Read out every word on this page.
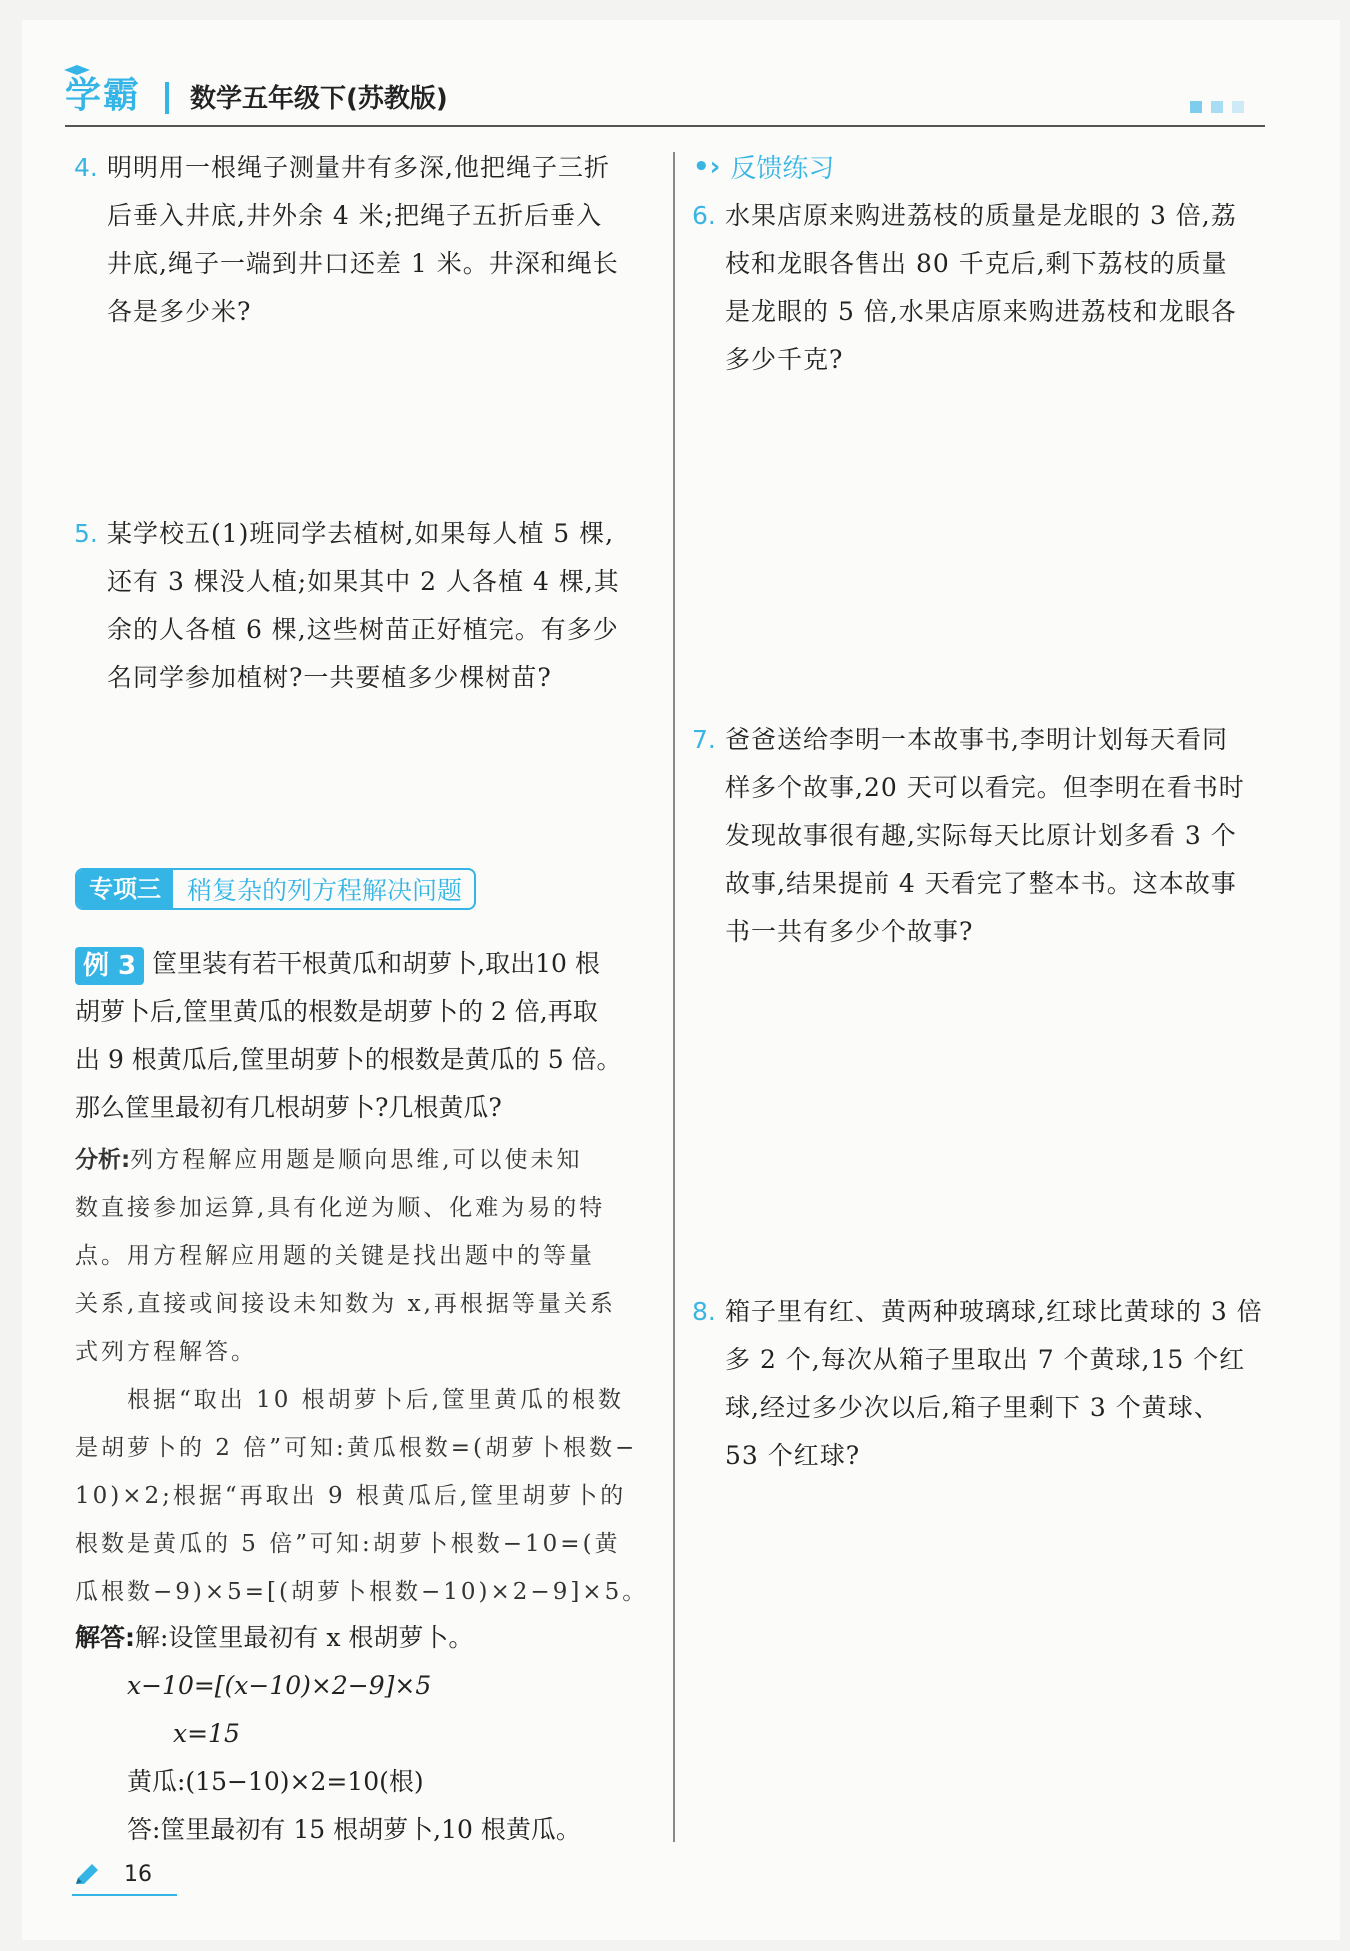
学霸	数学五年级下(苏教版)

4. 明明用一根绳子测量井有多深,他把绳子三折
后垂入井底,井外余 4 米;把绳子五折后垂入
井底,绳子一端到井口还差 1 米。井深和绳长
各是多少米?
5. 某学校五(1)班同学去植树,如果每人植 5 棵,
还有 3 棵没人植;如果其中 2 人各植 4 棵,其
余的人各植 6 棵,这些树苗正好植完。有多少
名同学参加植树?一共要植多少棵树苗?
专项三	稍复杂的列方程解决问题
例 3 筐里装有若干根黄瓜和胡萝卜,取出10 根
胡萝卜后,筐里黄瓜的根数是胡萝卜的 2 倍,再取
出 9 根黄瓜后,筐里胡萝卜的根数是黄瓜的 5 倍。
那么筐里最初有几根胡萝卜?几根黄瓜?
分析:列方程解应用题是顺向思维,可以使未知
数直接参加运算,具有化逆为顺、化难为易的特
点。用方程解应用题的关键是找出题中的等量
关系,直接或间接设未知数为 x,再根据等量关系
式列方程解答。
　　根据“取出 10 根胡萝卜后,筐里黄瓜的根数
是胡萝卜的 2 倍”可知:黄瓜根数=(胡萝卜根数−
10)×2;根据“再取出 9 根黄瓜后,筐里胡萝卜的
根数是黄瓜的 5 倍”可知:胡萝卜根数−10=(黄
瓜根数−9)×5=[(胡萝卜根数−10)×2−9]×5。
解答:解:设筐里最初有 x 根胡萝卜。
x−10=[(x−10)×2−9]×5
x=15
黄瓜:(15−10)×2=10(根)
答:筐里最初有 15 根胡萝卜,10 根黄瓜。
•› 反馈练习
6. 水果店原来购进荔枝的质量是龙眼的 3 倍,荔
枝和龙眼各售出 80 千克后,剩下荔枝的质量
是龙眼的 5 倍,水果店原来购进荔枝和龙眼各
多少千克?
7. 爸爸送给李明一本故事书,李明计划每天看同
样多个故事,20 天可以看完。但李明在看书时
发现故事很有趣,实际每天比原计划多看 3 个
故事,结果提前 4 天看完了整本书。这本故事
书一共有多少个故事?
8. 箱子里有红、黄两种玻璃球,红球比黄球的 3 倍
多 2 个,每次从箱子里取出 7 个黄球,15 个红
球,经过多少次以后,箱子里剩下 3 个黄球、
53 个红球?
16
